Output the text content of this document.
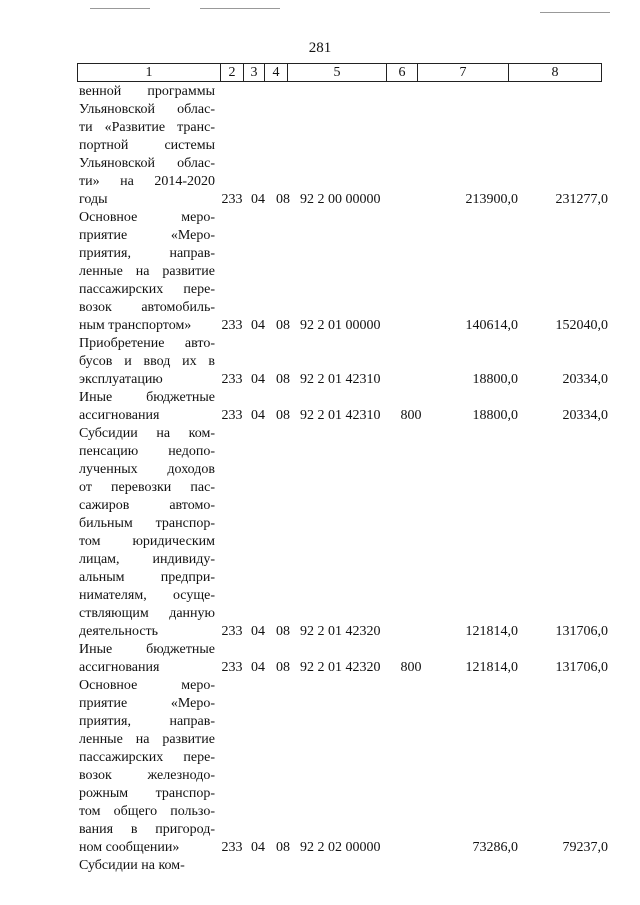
281
1	2	3	4	5	6	7	8
венной программы
Ульяновской облас-
ти «Развитие транс-
портной системы
Ульяновской облас-
ти» на 2014-2020
годы	233 04 08 92 2 00 00000	213900,0	231277,0
Основное меро-
приятие «Меро-
приятия, направ-
ленные на развитие
пассажирских пере-
возок автомобиль-
ным транспортом»	233 04 08 92 2 01 00000	140614,0	152040,0
Приобретение авто-
бусов и ввод их в
эксплуатацию	233 04 08 92 2 01 42310	18800,0	20334,0
Иные бюджетные
ассигнования	233 04 08 92 2 01 42310	800	18800,0	20334,0
Субсидии на ком-
пенсацию недопо-
лученных доходов
от перевозки пас-
сажиров автомо-
бильным транспор-
том юридическим
лицам, индивиду-
альным предпри-
нимателям, осуще-
ствляющим данную
деятельность	233 04 08 92 2 01 42320	121814,0	131706,0
Иные бюджетные
ассигнования	233 04 08 92 2 01 42320	800	121814,0	131706,0
Основное меро-
приятие «Меро-
приятия, направ-
ленные на развитие
пассажирских пере-
возок железнодо-
рожным транспор-
том общего пользо-
вания в пригород-
ном сообщении»	233 04 08 92 2 02 00000	73286,0	79237,0
Субсидии на ком-
